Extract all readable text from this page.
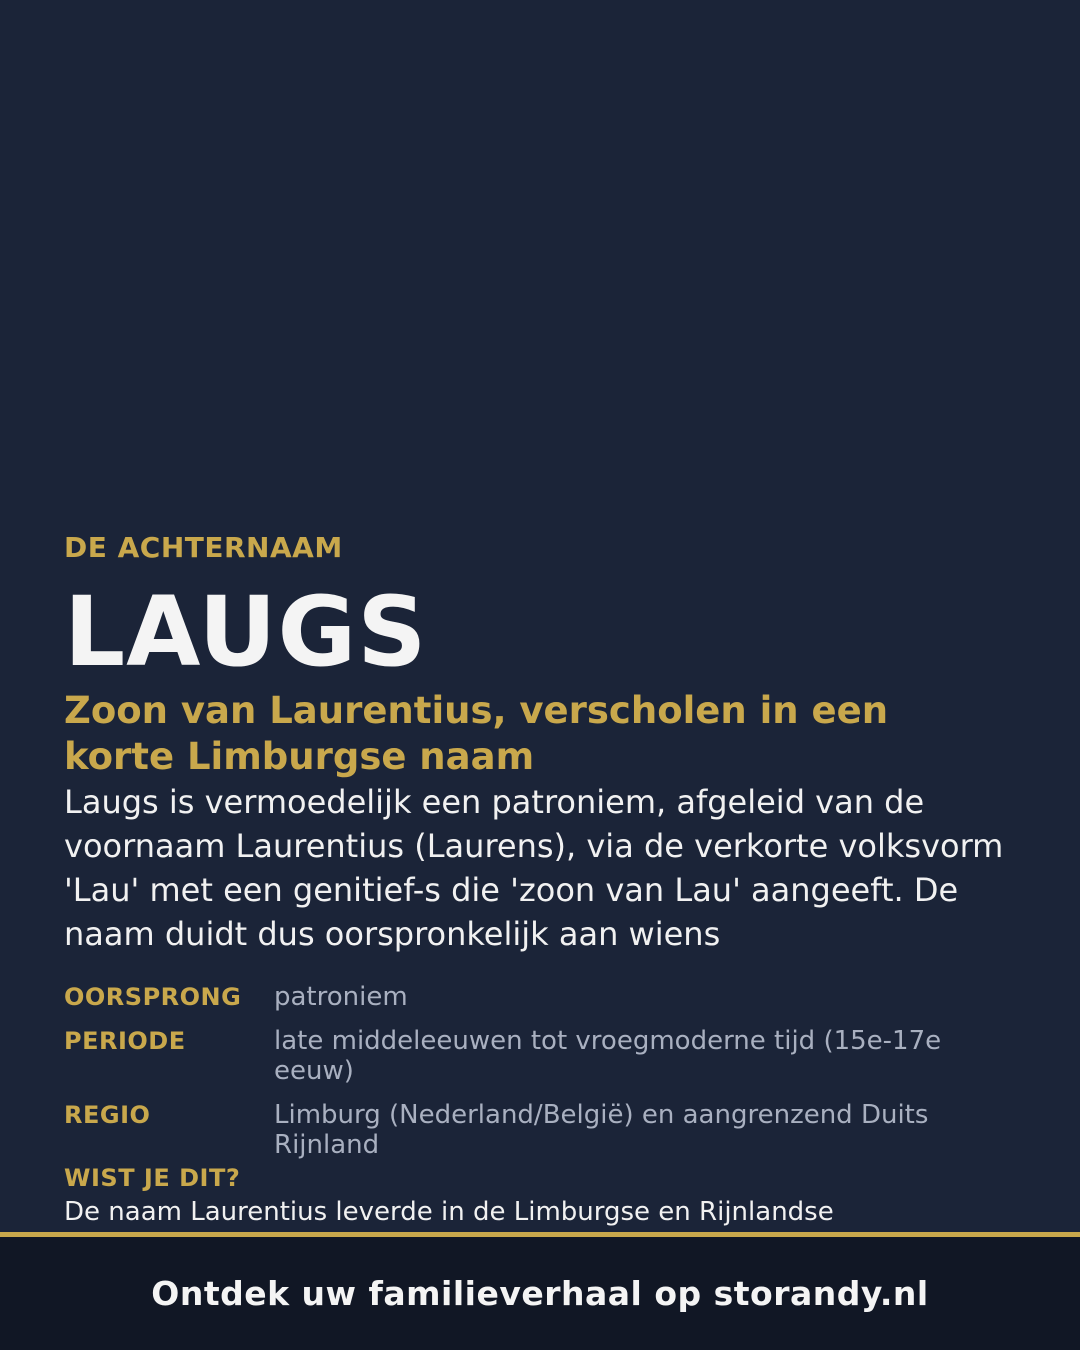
DE ACHTERNAAM

LAUGS
Zoon van Laurentius, verscholen in een korte Limburgse naam

Laugs is vermoedelijk een patroniem, afgeleid van de voornaam Laurentius (Laurens), via de verkorte volksvorm 'Lau' met een genitief-s die 'zoon van Lau' aangeeft. De naam duidt dus oorspronkelijk aan wiens

OORSPRONG	patroniem
PERIODE	late middeleeuwen tot vroegmoderne tijd (15e-17e eeuw)
REGIO	Limburg (Nederland/België) en aangrenzend Duits Rijnland

WIST JE DIT?

De naam Laurentius leverde in de Limburgse en Rijnlandse

Ontdek uw familieverhaal op storandy.nl
